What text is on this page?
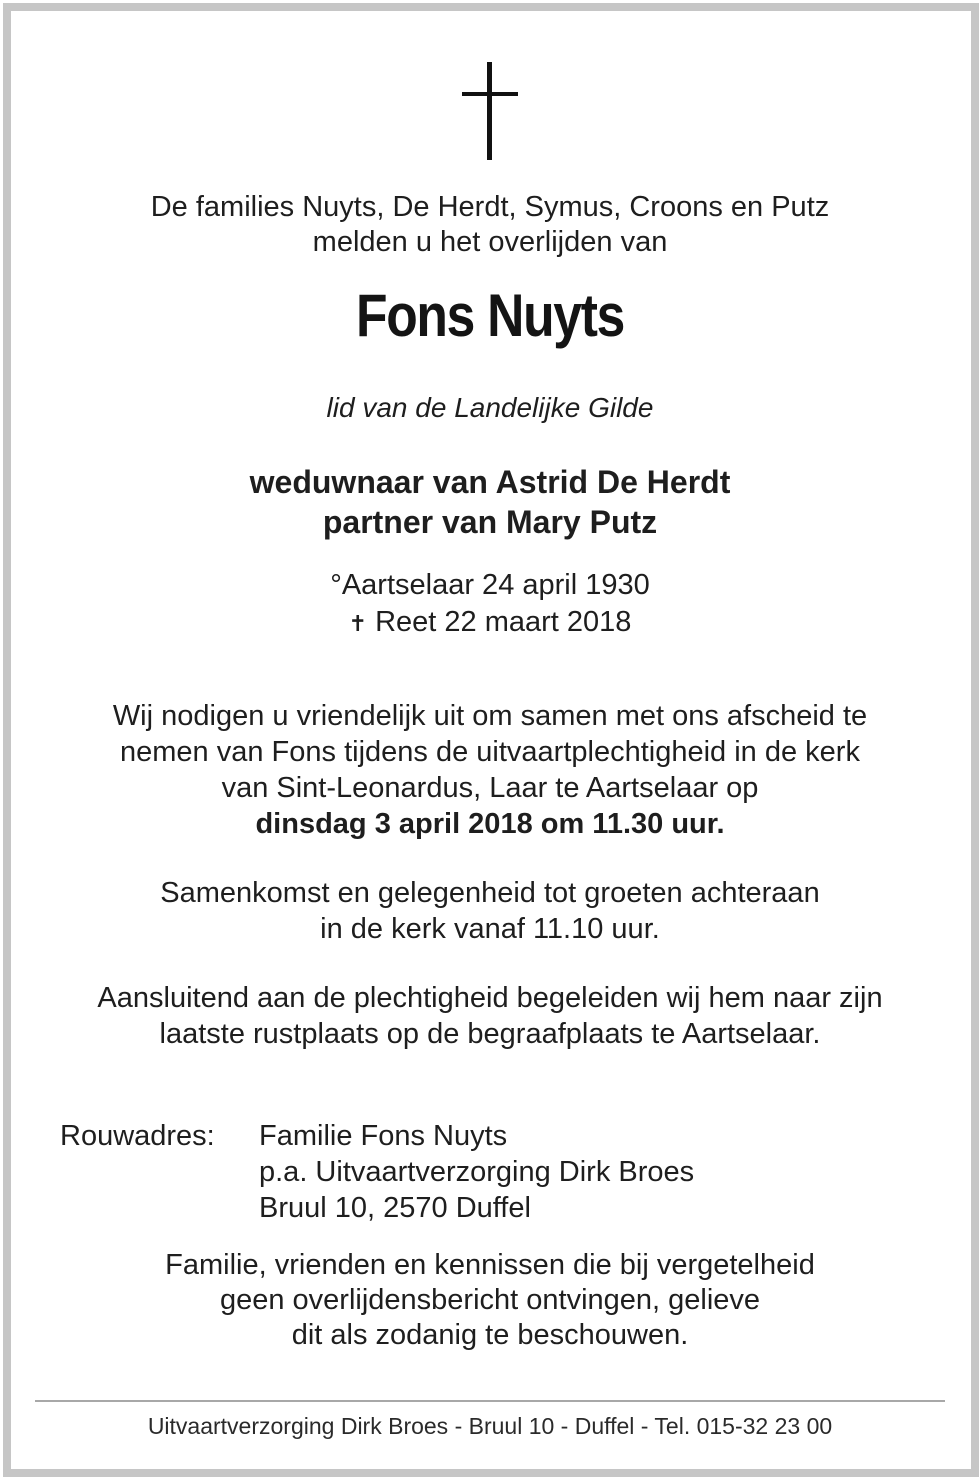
De families Nuyts, De Herdt, Symus, Croons en Putz
melden u het overlijden van
Fons Nuyts
lid van de Landelijke Gilde
weduwnaar van Astrid De Herdt
partner van Mary Putz
°Aartselaar 24 april 1930
✝ Reet 22 maart 2018
Wij nodigen u vriendelijk uit om samen met ons afscheid te
nemen van Fons tijdens de uitvaartplechtigheid in de kerk
van Sint-Leonardus, Laar te Aartselaar op
dinsdag 3 april 2018 om 11.30 uur.
Samenkomst en gelegenheid tot groeten achteraan
in de kerk vanaf 11.10 uur.
Aansluitend aan de plechtigheid begeleiden wij hem naar zijn
laatste rustplaats op de begraafplaats te Aartselaar.
Rouwadres: Familie Fons Nuyts
p.a. Uitvaartverzorging Dirk Broes
Bruul 10, 2570 Duffel
Familie, vrienden en kennissen die bij vergetelheid
geen overlijdensbericht ontvingen, gelieve
dit als zodanig te beschouwen.
Uitvaartverzorging Dirk Broes - Bruul 10 - Duffel - Tel. 015-32 23 00
